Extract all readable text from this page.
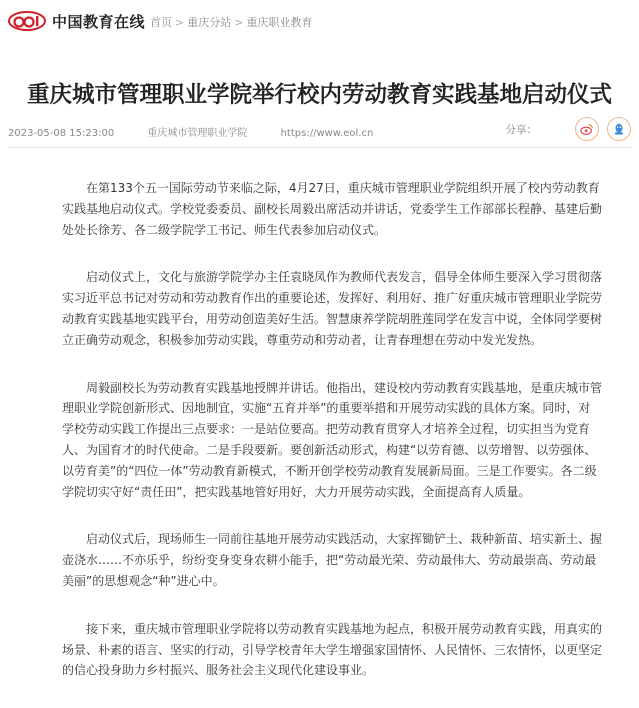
中国教育在线 首页 > 重庆分站 > 重庆职业教育
重庆城市管理职业学院举行校内劳动教育实践基地启动仪式
2023-05-08 15:23:00	重庆城市管理职业学院	https://www.eol.cn	分享：

在第133个五一国际劳动节来临之际，4月27日，重庆城市管理职业学院组织开展了校内劳动教育实践基地启动仪式。学校党委委员、副校长周毅出席活动并讲话，党委学生工作部部长程静、基建后勤处处长徐芳、各二级学院学工书记、师生代表参加启动仪式。

启动仪式上，文化与旅游学院学办主任袁晓凤作为教师代表发言，倡导全体师生要深入学习贯彻落实习近平总书记对劳动和劳动教育作出的重要论述，发挥好、利用好、推广好重庆城市管理职业学院劳动教育实践基地实践平台，用劳动创造美好生活。智慧康养学院胡胜莲同学在发言中说，全体同学要树立正确劳动观念，积极参加劳动实践，尊重劳动和劳动者，让青春理想在劳动中发光发热。

周毅副校长为劳动教育实践基地授牌并讲话。他指出，建设校内劳动教育实践基地，是重庆城市管理职业学院创新形式、因地制宜，实施“五育并举”的重要举措和开展劳动实践的具体方案。同时，对学校劳动实践工作提出三点要求：一是站位要高。把劳动教育贯穿人才培养全过程，切实担当为党育人、为国育才的时代使命。二是手段要新。要创新活动形式，构建“以劳育德、以劳增智、以劳强体、以劳育美”的“四位一体”劳动教育新模式，不断开创学校劳动教育发展新局面。三是工作要实。各二级学院切实守好“责任田”，把实践基地管好用好，大力开展劳动实践，全面提高育人质量。

启动仪式后，现场师生一同前往基地开展劳动实践活动，大家挥锄铲土、栽种新苗、培实新土、握壶浇水……不亦乐乎，纷纷变身变身农耕小能手，把“劳动最光荣、劳动最伟大、劳动最崇高、劳动最美丽”的思想观念“种”进心中。

接下来，重庆城市管理职业学院将以劳动教育实践基地为起点，积极开展劳动教育实践，用真实的场景、朴素的语言、坚实的行动，引导学校青年大学生增强家国情怀、人民情怀、三农情怀，以更坚定的信心投身助力乡村振兴、服务社会主义现代化建设事业。
